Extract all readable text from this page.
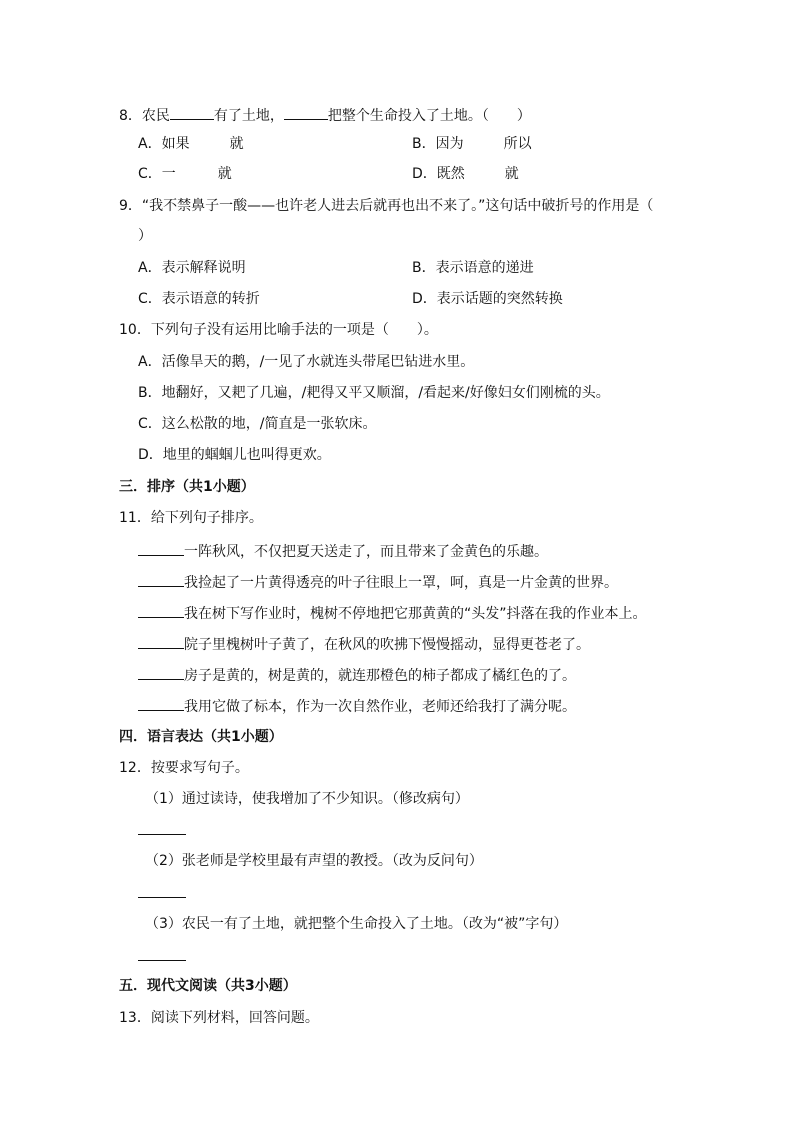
8．农民	有了土地，	把整个生命投入了土地。（　　）
A．如果	就	B．因为	所以
C．一	就	D．既然	就
9．“我不禁鼻子一酸——也许老人进去后就再也出不来了。”这句话中破折号的作用是（
）
A．表示解释说明	B．表示语意的递进
C．表示语意的转折	D．表示话题的突然转换
10．下列句子没有运用比喻手法的一项是（　　）。
A．活像旱天的鹅，/一见了水就连头带尾巴钻进水里。
B．地翻好，又耙了几遍，/耙得又平又顺溜，/看起来/好像妇女们刚梳的头。
C．这么松散的地，/简直是一张软床。
D．地里的蝈蝈儿也叫得更欢。
三．排序（共1小题）
11．给下列句子排序。
一阵秋风，不仅把夏天送走了，而且带来了金黄色的乐趣。
我捡起了一片黄得透亮的叶子往眼上一罩，呵，真是一片金黄的世界。
我在树下写作业时，槐树不停地把它那黄黄的“头发”抖落在我的作业本上。
院子里槐树叶子黄了，在秋风的吹拂下慢慢摇动，显得更苍老了。
房子是黄的，树是黄的，就连那橙色的柿子都成了橘红色的了。
我用它做了标本，作为一次自然作业，老师还给我打了满分呢。
四．语言表达（共1小题）
12．按要求写句子。
（1）通过读诗，使我增加了不少知识。（修改病句）
（2）张老师是学校里最有声望的教授。（改为反问句）
（3）农民一有了土地，就把整个生命投入了土地。（改为“被”字句）
五．现代文阅读（共3小题）
13．阅读下列材料，回答问题。
